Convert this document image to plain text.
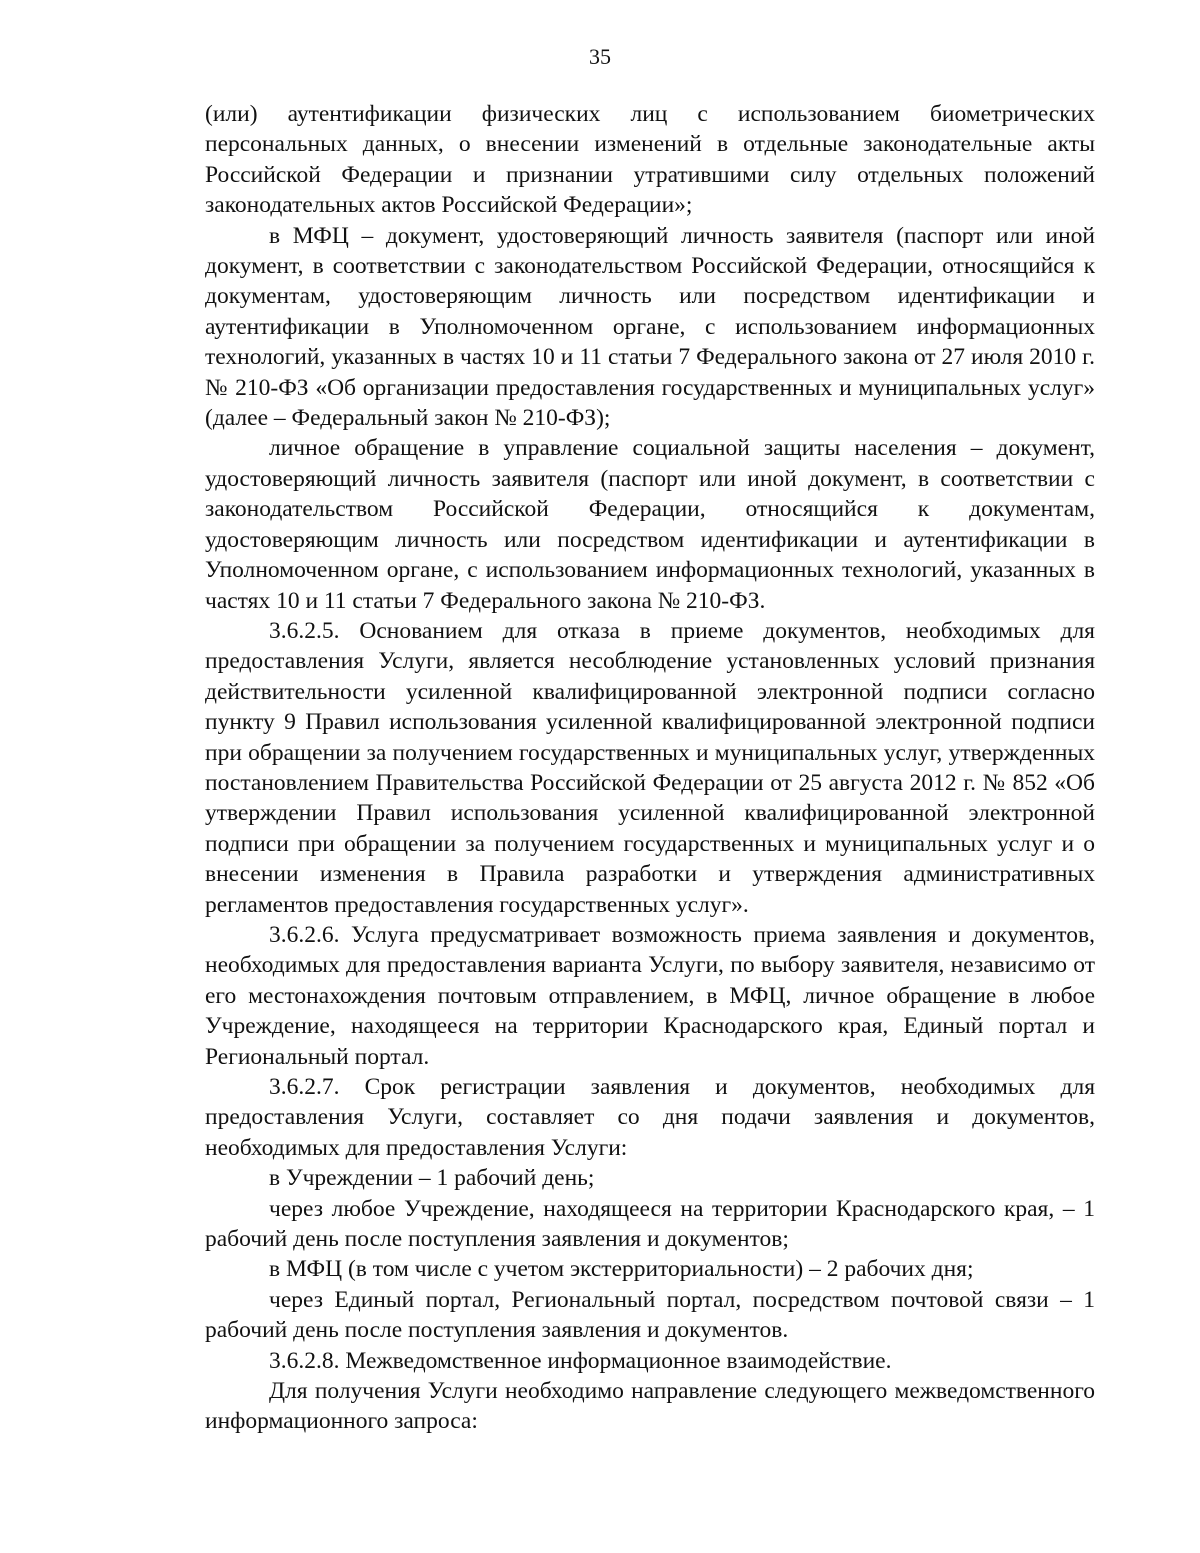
35

(или) аутентификации физических лиц с использованием биометрических персональных данных, о внесении изменений в отдельные законодательные акты Российской Федерации и признании утратившими силу отдельных положений законодательных актов Российской Федерации»;

в МФЦ – документ, удостоверяющий личность заявителя (паспорт или иной документ, в соответствии с законодательством Российской Федерации, относящийся к документам, удостоверяющим личность или посредством идентификации и аутентификации в Уполномоченном органе, с использованием информационных технологий, указанных в частях 10 и 11 статьи 7 Федерального закона от 27 июля 2010 г. № 210-ФЗ «Об организации предоставления государственных и муниципальных услуг» (далее – Федеральный закон № 210-ФЗ);

личное обращение в управление социальной защиты населения – документ, удостоверяющий личность заявителя (паспорт или иной документ, в соответствии с законодательством Российской Федерации, относящийся к документам, удостоверяющим личность или посредством идентификации и аутентификации в Уполномоченном органе, с использованием информационных технологий, указанных в частях 10 и 11 статьи 7 Федерального закона № 210-ФЗ.

3.6.2.5. Основанием для отказа в приеме документов, необходимых для предоставления Услуги, является несоблюдение установленных условий признания действительности усиленной квалифицированной электронной подписи согласно пункту 9 Правил использования усиленной квалифицированной электронной подписи при обращении за получением государственных и муниципальных услуг, утвержденных постановлением Правительства Российской Федерации от 25 августа 2012 г. № 852 «Об утверждении Правил использования усиленной квалифицированной электронной подписи при обращении за получением государственных и муниципальных услуг и о внесении изменения в Правила разработки и утверждения административных регламентов предоставления государственных услуг».

3.6.2.6. Услуга предусматривает возможность приема заявления и документов, необходимых для предоставления варианта Услуги, по выбору заявителя, независимо от его местонахождения почтовым отправлением, в МФЦ, личное обращение в любое Учреждение, находящееся на территории Краснодарского края, Единый портал и Региональный портал.

3.6.2.7. Срок регистрации заявления и документов, необходимых для предоставления Услуги, составляет со дня подачи заявления и документов, необходимых для предоставления Услуги:

в Учреждении – 1 рабочий день;

через любое Учреждение, находящееся на территории Краснодарского края, – 1 рабочий день после поступления заявления и документов;

в МФЦ (в том числе с учетом экстерриториальности) – 2 рабочих дня;

через Единый портал, Региональный портал, посредством почтовой связи – 1 рабочий день после поступления заявления и документов.

3.6.2.8. Межведомственное информационное взаимодействие.

Для получения Услуги необходимо направление следующего межведомственного информационного запроса:
